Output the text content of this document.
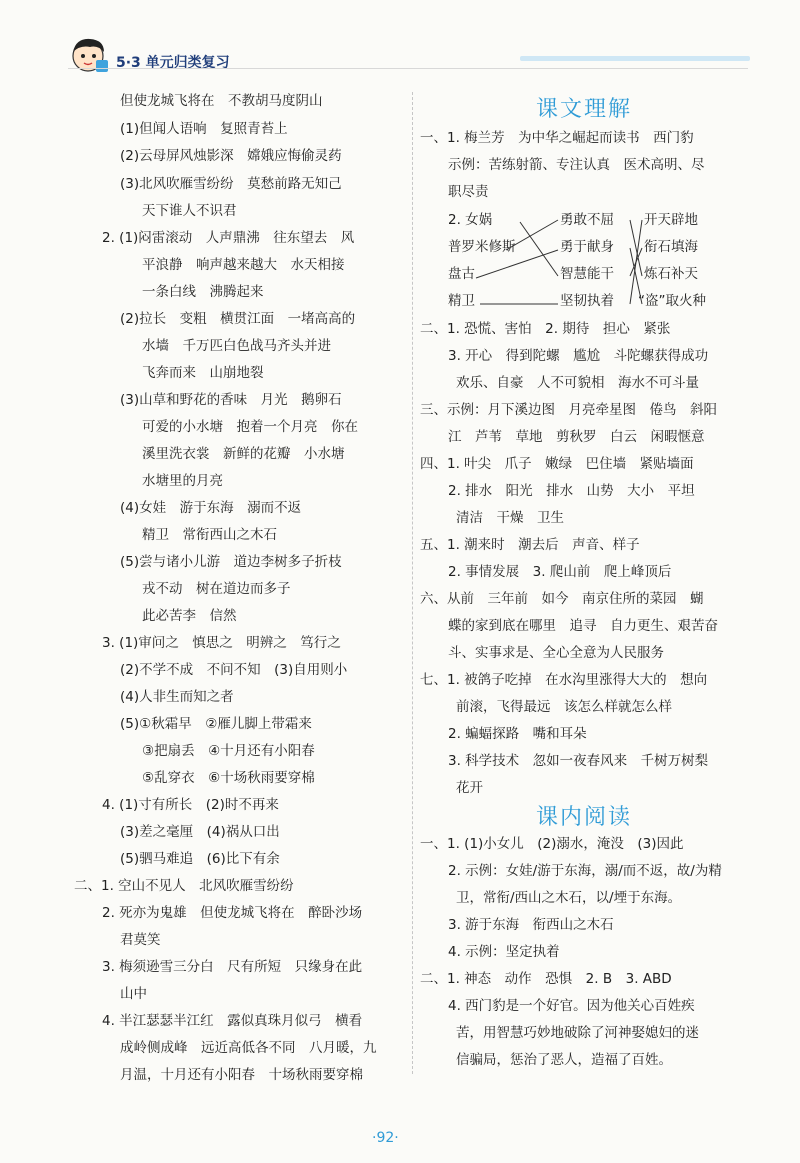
5·3 单元归类复习
但使龙城飞将在　不教胡马度阴山
(1)但闻人语响　复照青苔上
(2)云母屏风烛影深　嫦娥应悔偷灵药
(3)北风吹雁雪纷纷　莫愁前路无知己
天下谁人不识君
2. (1)闷雷滚动　人声鼎沸　往东望去　风
平浪静　响声越来越大　水天相接
一条白线　沸腾起来
(2)拉长　变粗　横贯江面　一堵高高的
水墙　千万匹白色战马齐头并进
飞奔而来　山崩地裂
(3)山草和野花的香味　月光　鹅卵石
可爱的小水塘　抱着一个月亮　你在
溪里洗衣裳　新鲜的花瓣　小水塘
水塘里的月亮
(4)女娃　游于东海　溺而不返
精卫　常衔西山之木石
(5)尝与诸小儿游　道边李树多子折枝
戎不动　树在道边而多子
此必苦李　信然
3. (1)审问之　慎思之　明辨之　笃行之
(2)不学不成　不问不知　(3)自用则小
(4)人非生而知之者
(5)①秋霜早　②雁儿脚上带霜来
③把扇丢　④十月还有小阳春
⑤乱穿衣　⑥十场秋雨要穿棉
4. (1)寸有所长　(2)时不再来
(3)差之毫厘　(4)祸从口出
(5)驷马难追　(6)比下有余
二、1. 空山不见人　北风吹雁雪纷纷
2. 死亦为鬼雄　但使龙城飞将在　醉卧沙场
君莫笑
3. 梅须逊雪三分白　尺有所短　只缘身在此
山中
4. 半江瑟瑟半江红　露似真珠月似弓　横看
成岭侧成峰　远近高低各不同　八月暖，九
月温，十月还有小阳春　十场秋雨要穿棉
课文理解
课内阅读
一、1. 梅兰芳　为中华之崛起而读书　西门豹
示例：苦练射箭、专注认真　医术高明、尽
职尽责
2. 女娲
普罗米修斯
盘古
精卫
勇敢不屈
勇于献身
智慧能干
坚韧执着
开天辟地
衔石填海
炼石补天
“盗”取火种
二、1. 恐慌、害怕　2. 期待　担心　紧张
3. 开心　得到陀螺　尴尬　斗陀螺获得成功
欢乐、自豪　人不可貌相　海水不可斗量
三、示例：月下溪边图　月亮牵星图　倦鸟　斜阳
江　芦苇　草地　剪秋罗　白云　闲暇惬意
四、1. 叶尖　爪子　嫩绿　巴住墙　紧贴墙面
2. 排水　阳光　排水　山势　大小　平坦
清洁　干燥　卫生
五、1. 潮来时　潮去后　声音、样子
2. 事情发展　3. 爬山前　爬上峰顶后
六、从前　三年前　如今　南京住所的菜园　蝴
蝶的家到底在哪里　追寻　自力更生、艰苦奋
斗、实事求是、全心全意为人民服务
七、1. 被鸽子吃掉　在水沟里涨得大大的　想向
前滚，飞得最远　该怎么样就怎么样
2. 蝙蝠探路　嘴和耳朵
3. 科学技术　忽如一夜春风来　千树万树梨
花开
一、1. (1)小女儿　(2)溺水，淹没　(3)因此
2. 示例：女娃/游于东海，溺/而不返，故/为精
卫，常衔/西山之木石，以/堙于东海。
3. 游于东海　衔西山之木石
4. 示例：坚定执着
二、1. 神态　动作　恐惧　2. B　3. ABD
4. 西门豹是一个好官。因为他关心百姓疾
苦，用智慧巧妙地破除了河神娶媳妇的迷
信骗局，惩治了恶人，造福了百姓。
·92·
